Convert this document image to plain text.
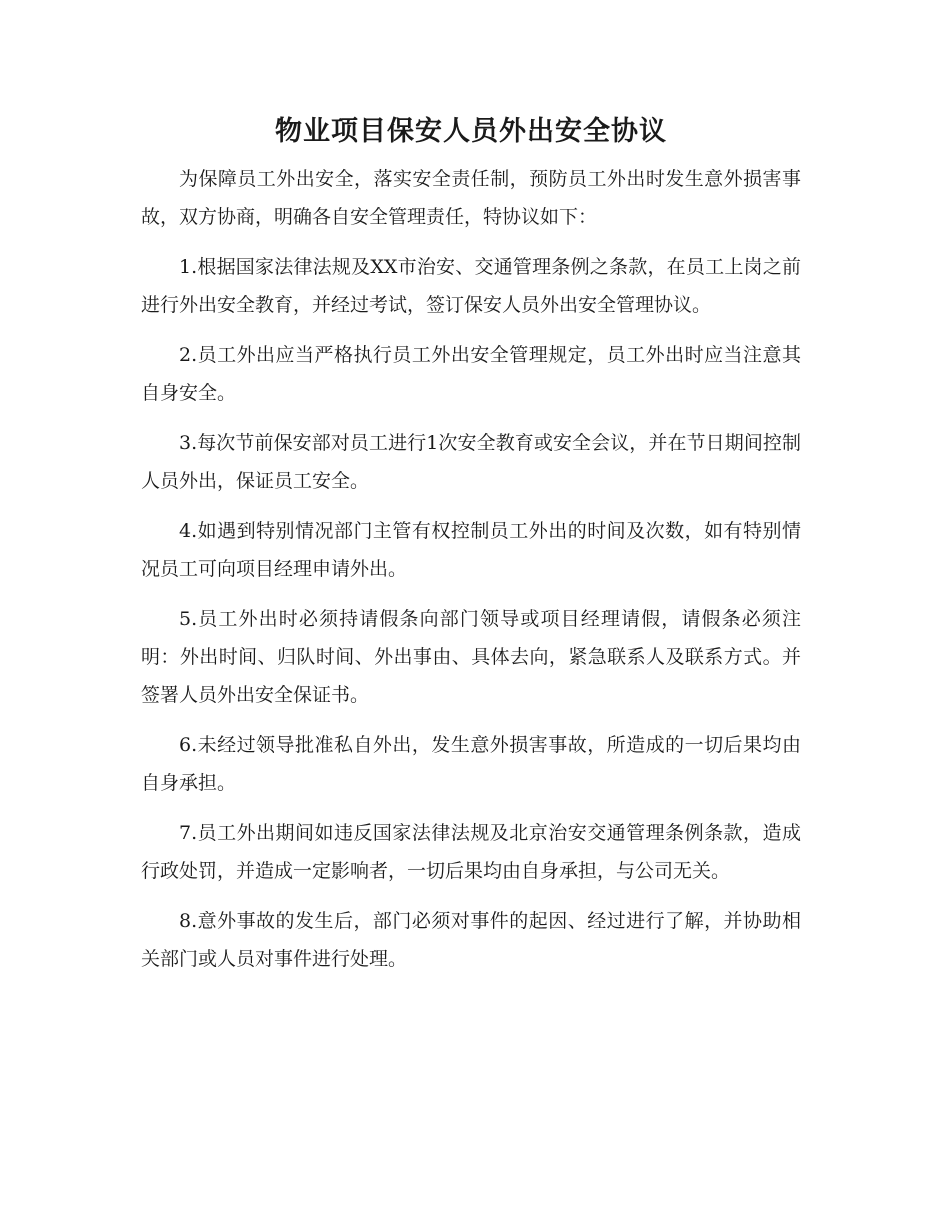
物业项目保安人员外出安全协议

为保障员工外出安全，落实安全责任制，预防员工外出时发生意外损害事故，双方协商，明确各自安全管理责任，特协议如下：

1.根据国家法律法规及XX市治安、交通管理条例之条款，在员工上岗之前进行外出安全教育，并经过考试，签订保安人员外出安全管理协议。

2.员工外出应当严格执行员工外出安全管理规定，员工外出时应当注意其自身安全。

3.每次节前保安部对员工进行1次安全教育或安全会议，并在节日期间控制人员外出，保证员工安全。

4.如遇到特别情况部门主管有权控制员工外出的时间及次数，如有特别情况员工可向项目经理申请外出。

5.员工外出时必须持请假条向部门领导或项目经理请假，请假条必须注明：外出时间、归队时间、外出事由、具体去向，紧急联系人及联系方式。并签署人员外出安全保证书。

6.未经过领导批准私自外出，发生意外损害事故，所造成的一切后果均由自身承担。

7.员工外出期间如违反国家法律法规及北京治安交通管理条例条款，造成行政处罚，并造成一定影响者，一切后果均由自身承担，与公司无关。

8.意外事故的发生后，部门必须对事件的起因、经过进行了解，并协助相关部门或人员对事件进行处理。
